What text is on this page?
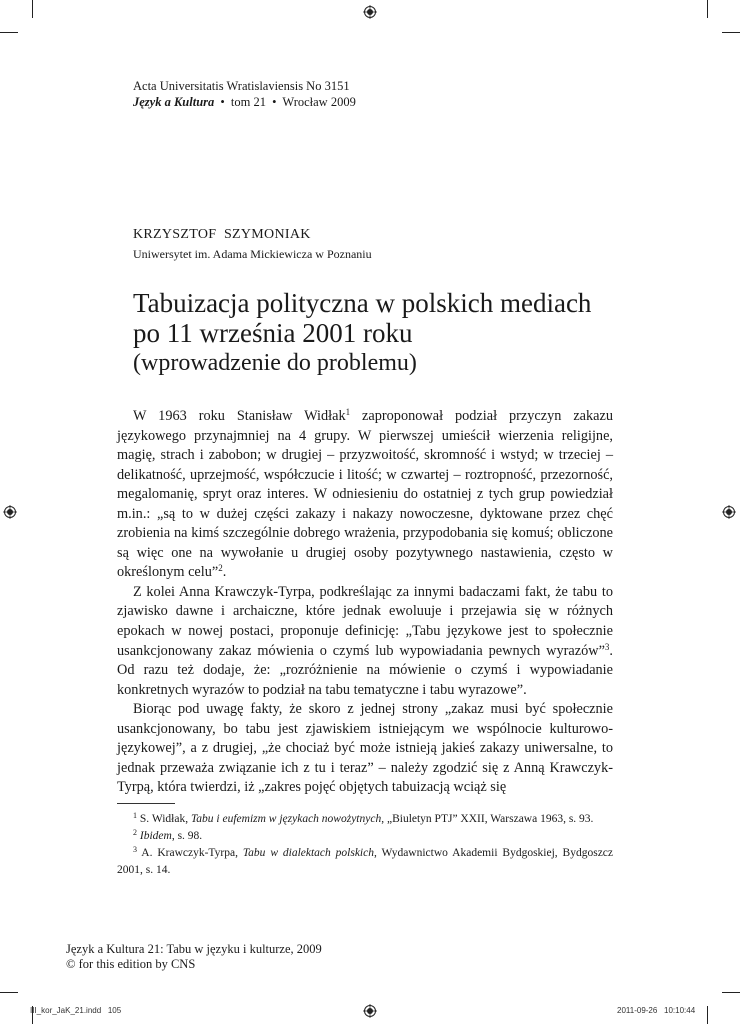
Acta Universitatis Wratislaviensis No 3151
Język a Kultura • tom 21 • Wrocław 2009
KRZYSZTOF  SZYMONIAK
Uniwersytet im. Adama Mickiewicza w Poznaniu
Tabuizacja polityczna w polskich mediach
po 11 września 2001 roku
(wprowadzenie do problemu)

W 1963 roku Stanisław Widłak$^1$ zaproponował podział przyczyn zakazu językowego przynajmniej na 4 grupy. W pierwszej umieścił wierzenia religijne, magię, strach i zabobon; w drugiej – przyzwoitość, skromność i wstyd; w trzeciej – delikatność, uprzejmość, współczucie i litość; w czwartej – roztropność, przezorność, megalomanię, spryt oraz interes. W odniesieniu do ostatniej z tych grup powiedział m.in.: „są to w dużej części zakazy i nakazy nowoczesne, dyktowane przez chęć zrobienia na kimś szczególnie dobrego wrażenia, przypodobania się komuś; obliczone są więc one na wywołanie u drugiej osoby pozytywnego nastawienia, często w określonym celu”$^2$.

Z kolei Anna Krawczyk-Tyrpa, podkreślając za innymi badaczami fakt, że tabu to zjawisko dawne i archaiczne, które jednak ewoluuje i przejawia się w różnych epokach w nowej postaci, proponuje definicję: „Tabu językowe jest to społecznie usankcjonowany zakaz mówienia o czymś lub wypowiadania pewnych wyrazów”$^3$. Od razu też dodaje, że: „rozróżnienie na mówienie o czymś i wypowiadanie konkretnych wyrazów to podział na tabu tematyczne i tabu wyrazowe”.

Biorąc pod uwagę fakty, że skoro z jednej strony „zakaz musi być społecznie usankcjonowany, bo tabu jest zjawiskiem istniejącym we wspólnocie kulturowo-językowej”, a z drugiej, „że chociaż być może istnieją jakieś zakazy uniwersalne, to jednak przeważa związanie ich z tu i teraz” – należy zgodzić się z Anną Krawczyk-Tyrpą, która twierdzi, iż „zakres pojęć objętych tabuizacją wciąż się

$^1$ S. Widłak, Tabu i eufemizm w językach nowożytnych, „Biuletyn PTJ” XXII, Warszawa 1963, s. 93.

$^2$ Ibidem, s. 98.

$^3$ A. Krawczyk-Tyrpa, Tabu w dialektach polskich, Wydawnictwo Akademii Bydgoskiej, Bydgoszcz 2001, s. 14.

Język a Kultura 21: Tabu w języku i kulturze, 2009
© for this edition by CNS
III_kor_JaK_21.indd   105	2011-09-26   10:10:44
